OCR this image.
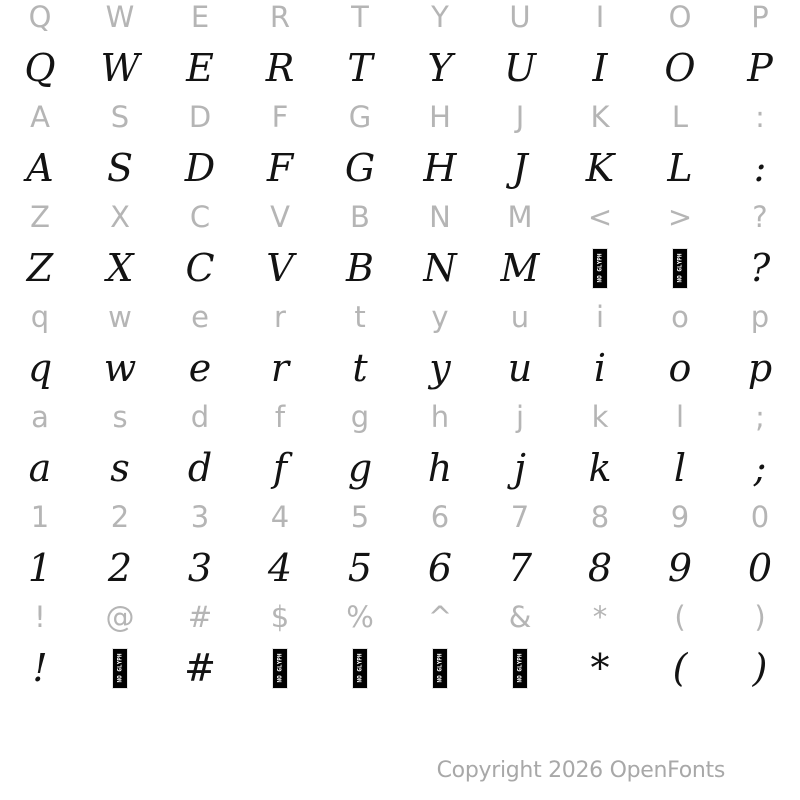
Q	W	E	R	T	Y	U	I	O	P
Q	W	E	R	T	Y	U	I	O	P
A	S	D	F	G	H	J	K	L	:
A	S	D	F	G	H	J	K	L	:
Z	X	C	V	B	N	M	<	>	?
Z	X	C	V	B	N	M	NO GLYPH	NO GLYPH	?
q	w	e	r	t	y	u	i	o	p
q	w	e	r	t	y	u	i	o	p
a	s	d	f	g	h	j	k	l	;
a	s	d	f	g	h	j	k	l	;
1	2	3	4	5	6	7	8	9	0
1	2	3	4	5	6	7	8	9	0
!	@	#	$	%	^	&	*	(	)
!	NO GLYPH	#	NO GLYPH	NO GLYPH	NO GLYPH	NO GLYPH	*	(	)
Copyright 2026 OpenFonts
